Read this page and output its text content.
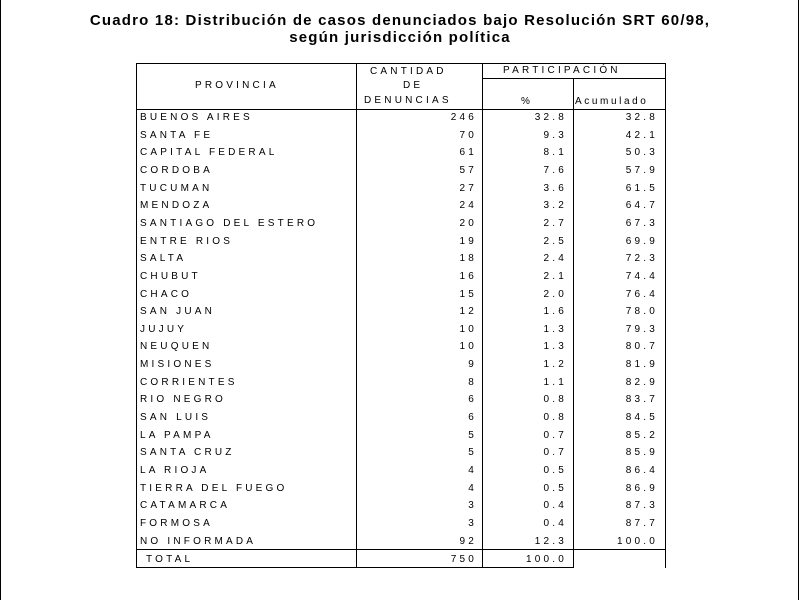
Cuadro 18: Distribución de casos denunciados bajo Resolución SRT 60/98,
según jurisdicción política
PROVINCIA
CANTIDAD
DE
DENUNCIAS
PARTICIPACIÓN
%	Acumulado
BUENOS AIRES	246	32.8	32.8
SANTA FE	70	9.3	42.1
CAPITAL FEDERAL	61	8.1	50.3
CORDOBA	57	7.6	57.9
TUCUMAN	27	3.6	61.5
MENDOZA	24	3.2	64.7
SANTIAGO DEL ESTERO	20	2.7	67.3
ENTRE RIOS	19	2.5	69.9
SALTA	18	2.4	72.3
CHUBUT	16	2.1	74.4
CHACO	15	2.0	76.4
SAN JUAN	12	1.6	78.0
JUJUY	10	1.3	79.3
NEUQUEN	10	1.3	80.7
MISIONES	9	1.2	81.9
CORRIENTES	8	1.1	82.9
RIO NEGRO	6	0.8	83.7
SAN LUIS	6	0.8	84.5
LA PAMPA	5	0.7	85.2
SANTA CRUZ	5	0.7	85.9
LA RIOJA	4	0.5	86.4
TIERRA DEL FUEGO	4	0.5	86.9
CATAMARCA	3	0.4	87.3
FORMOSA	3	0.4	87.7
NO INFORMADA	92	12.3	100.0
TOTAL	750	100.0
